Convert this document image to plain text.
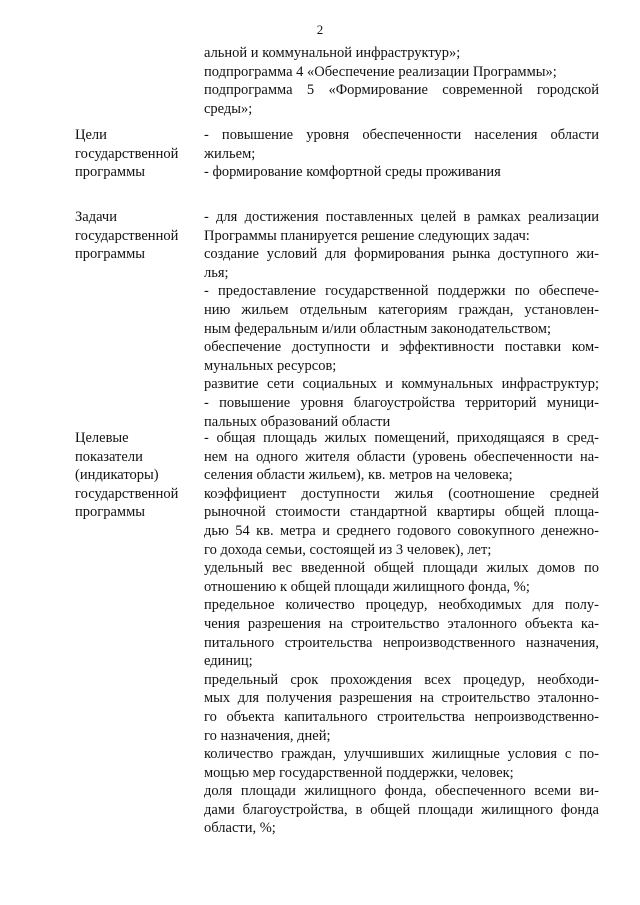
2
альной и коммунальной инфраструктур»;
подпрограмма 4 «Обеспечение реализации Программы»;
подпрограмма 5 «Формирование современной городской
среды»;
Цели
государственной
программы
- повышение уровня обеспеченности населения области
жильем;
- формирование комфортной среды проживания
Задачи
государственной
программы
- для достижения поставленных целей в рамках реализации
Программы планируется решение следующих задач:
создание условий для формирования рынка доступного жи-
лья;
- предоставление государственной поддержки по обеспече-
нию жильем отдельным категориям граждан, установлен-
ным федеральным и/или областным законодательством;
обеспечение доступности и эффективности поставки ком-
мунальных ресурсов;
развитие сети социальных и коммунальных инфраструктур;
- повышение уровня благоустройства территорий муници-
пальных образований области
Целевые
показатели
(индикаторы)
государственной
программы
- общая площадь жилых помещений, приходящаяся в сред-
нем на одного жителя области (уровень обеспеченности на-
селения области жильем), кв. метров на человека;
коэффициент доступности жилья (соотношение средней
рыночной стоимости стандартной квартиры общей площа-
дью 54 кв. метра и среднего годового совокупного денежно-
го дохода семьи, состоящей из 3 человек), лет;
удельный вес введенной общей площади жилых домов по
отношению к общей площади жилищного фонда, %;
предельное количество процедур, необходимых для полу-
чения разрешения на строительство эталонного объекта ка-
питального строительства непроизводственного назначения,
единиц;
предельный срок прохождения всех процедур, необходи-
мых для получения разрешения на строительство эталонно-
го объекта капитального строительства непроизводственно-
го назначения, дней;
количество граждан, улучшивших жилищные условия с по-
мощью мер государственной поддержки, человек;
доля площади жилищного фонда, обеспеченного всеми ви-
дами благоустройства, в общей площади жилищного фонда
области, %;
